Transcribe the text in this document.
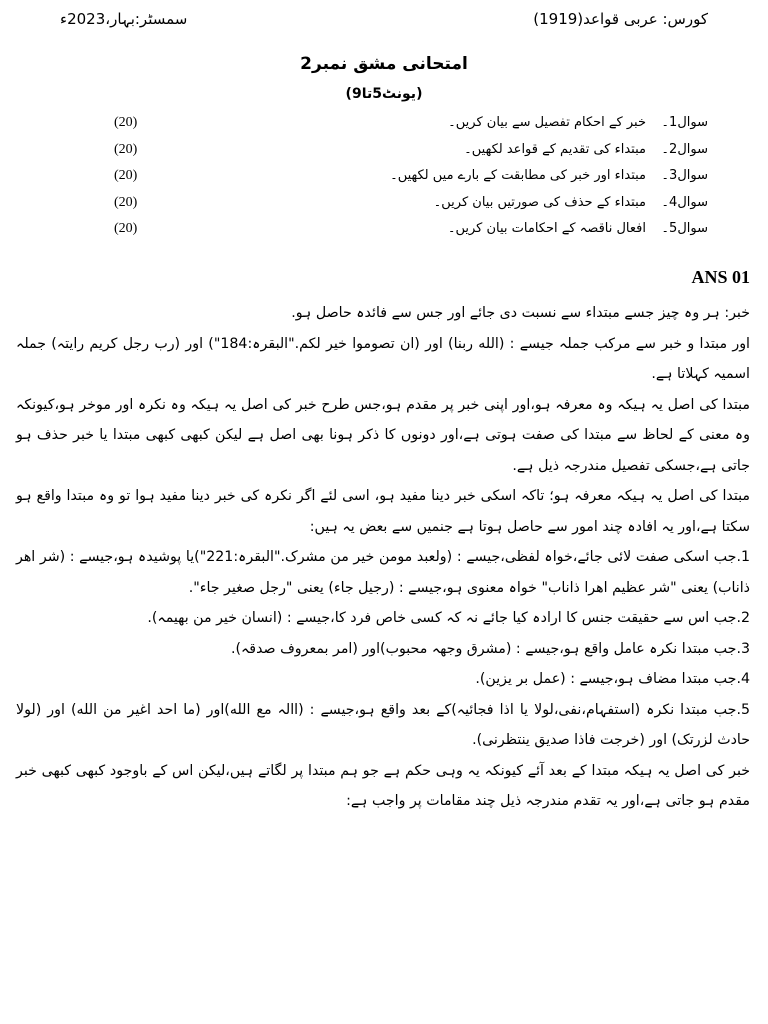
کورس: عربی قواعد(1919)
سمسٹر:بہار،2023ء
امتحانی مشق نمبر2
(یونٹ5تا9)
سوال1۔
خبر کے احکام تفصیل سے بیان کریں۔
(20)
سوال2۔
مبتداء کی تقدیم کے قواعد لکھیں۔
(20)
سوال3۔
مبتداء اور خبر کی مطابقت کے بارے میں لکھیں۔
(20)
سوال4۔
مبتداء کے حذف کی صورتیں بیان کریں۔
(20)
سوال5۔
افعال ناقصہ کے احکامات بیان کریں۔
(20)
ANS 01

خبر: ہر وہ چیز جسے مبتداء سے نسبت دی جائے اور جس سے فائدہ حاصل ہو.

اور مبتدا و خبر سے مرکب جملہ جیسے : (الله ربنا) اور (ان تصوموا خیر لکم."البقرہ:184") اور (رب رجل کریم رایتہ) جملہ اسمیہ کہلاتا ہے.

مبتدا کی اصل یہ ہیکہ وہ معرفہ ہو،اور اپنی خبر پر مقدم ہو،جس طرح خبر کی اصل یہ ہیکہ وہ نکرہ اور موخر ہو،کیونکہ وہ معنی کے لحاظ سے مبتدا کی صفت ہوتی ہے،اور دونوں کا ذکر ہونا بھی اصل ہے لیکن کبھی کبھی مبتدا یا خبر حذف ہو جاتی ہے،جسکی تفصیل مندرجہ ذیل ہے.

مبتدا کی اصل یہ ہیکہ معرفہ ہو؛ تاکہ اسکی خبر دینا مفید ہو، اسی لئے اگر نکرہ کی خبر دینا مفید ہوا تو وہ مبتدا واقع ہو سکتا ہے،اور یہ افادہ چند امور سے حاصل ہوتا ہے جنمیں سے بعض یہ ہیں:

1.جب اسکی صفت لائی جائے،خواہ لفظی،جیسے : (ولعبد مومن خیر من مشرک."البقرہ:221")یا پوشیدہ ہو،جیسے : (شر اھر ذاناب) یعنی "شر عظیم اھرا ذاناب" خواہ معنوی ہو،جیسے : (رجیل جاء) یعنی "رجل صغیر جاء".

2.جب اس سے حقیقت جنس کا ارادہ کیا جائے نہ کہ کسی خاص فرد کا،جیسے : (انسان خیر من بھیمہ).

3.جب مبتدا نکرہ عامل واقع ہو،جیسے : (مشرق وجھہ محبوب)اور (امر بمعروف صدقہ).

4.جب مبتدا مضاف ہو،جیسے : (عمل بر یزین).

5.جب مبتدا نکرہ (استفہام،نفی،لولا یا اذا فجائیہ)کے بعد واقع ہو،جیسے : (االہ مع الله)اور (ما احد اغیر من الله) اور (لولا حادث لزرتک) اور (خرجت فاذا صدیق ینتظرنی).

خبر کی اصل یہ ہیکہ مبتدا کے بعد آئے کیونکہ یہ وہی حکم ہے جو ہم مبتدا پر لگاتے ہیں،لیکن اس کے باوجود کبھی کبھی خبر مقدم ہو جاتی ہے،اور یہ تقدم مندرجہ ذیل چند مقامات پر واجب ہے:
